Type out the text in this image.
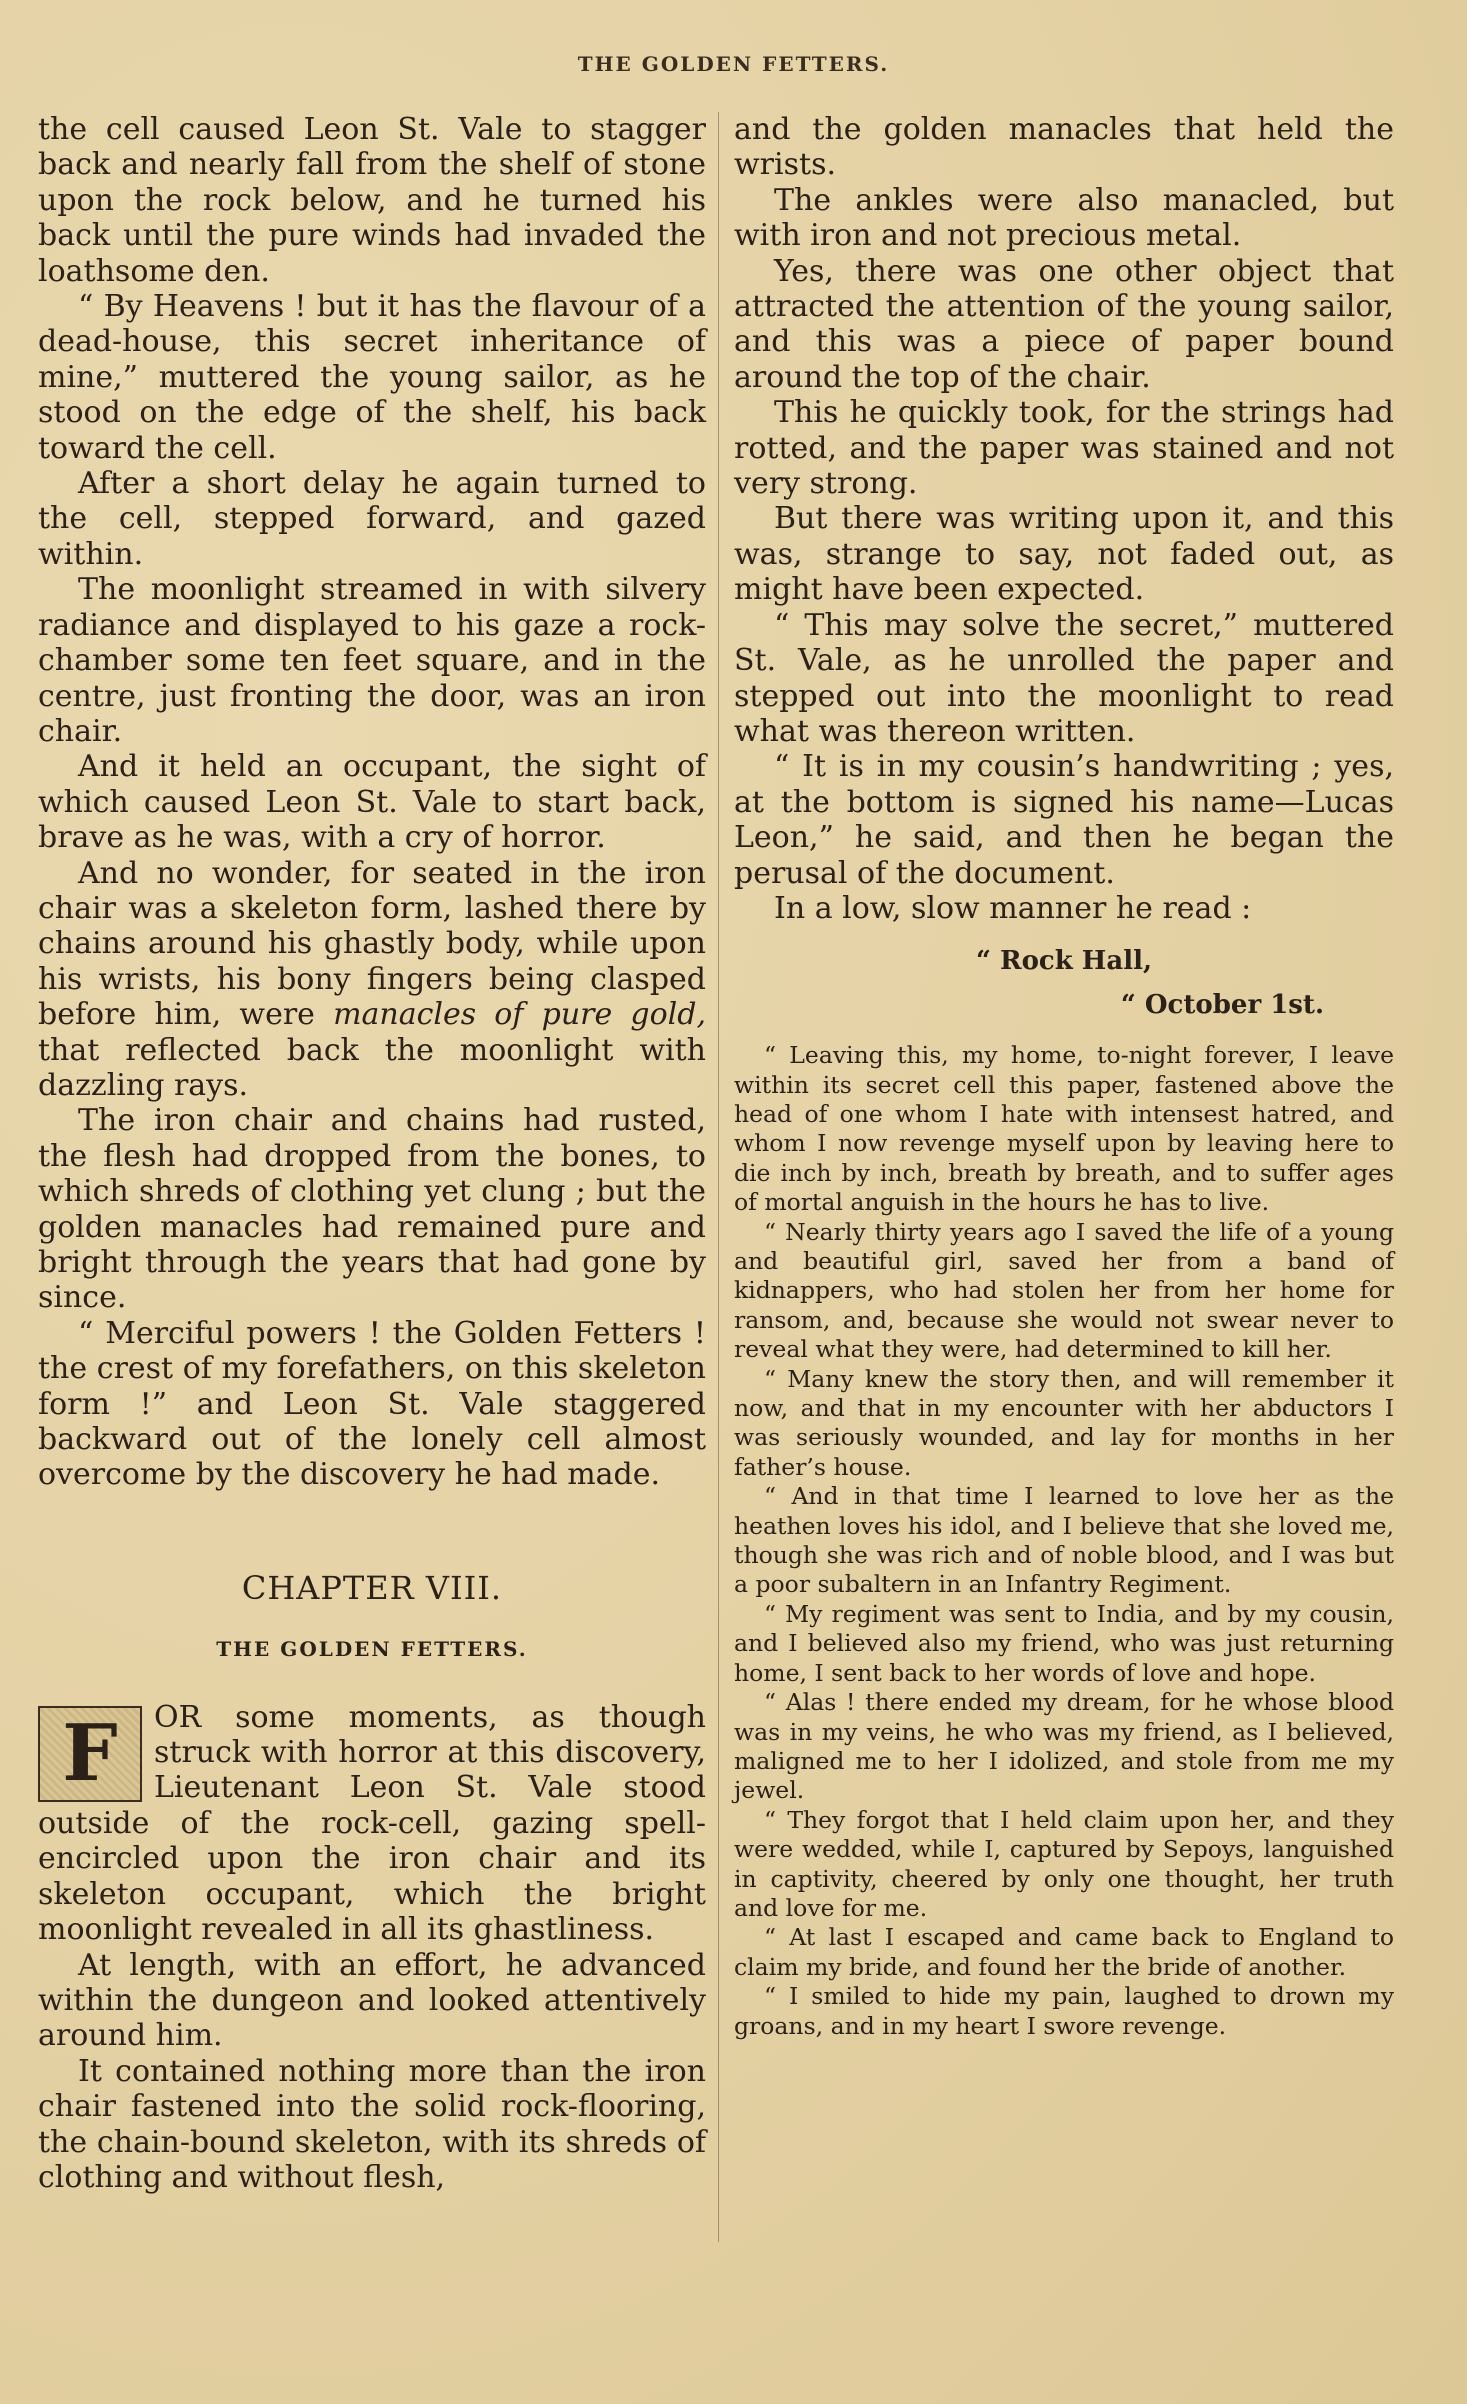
THE GOLDEN FETTERS.

the cell caused Leon St. Vale to stagger back and nearly fall from the shelf of stone upon the rock below, and he turned his back until the pure winds had invaded the loathsome den.

“ By Heavens ! but it has the flavour of a dead-house, this secret inheritance of mine,” muttered the young sailor, as he stood on the edge of the shelf, his back toward the cell.

After a short delay he again turned to the cell, stepped forward, and gazed within.

The moonlight streamed in with silvery radiance and displayed to his gaze a rock-chamber some ten feet square, and in the centre, just fronting the door, was an iron chair.

And it held an occupant, the sight of which caused Leon St. Vale to start back, brave as he was, with a cry of horror.

And no wonder, for seated in the iron chair was a skeleton form, lashed there by chains around his ghastly body, while upon his wrists, his bony fingers being clasped before him, were manacles of pure gold, that reflected back the moonlight with dazzling rays.

The iron chair and chains had rusted, the flesh had dropped from the bones, to which shreds of clothing yet clung ; but the golden manacles had remained pure and bright through the years that had gone by since.

“ Merciful powers ! the Golden Fetters ! the crest of my forefathers, on this skeleton form !” and Leon St. Vale staggered backward out of the lonely cell almost overcome by the discovery he had made.

CHAPTER VIII.
THE GOLDEN FETTERS.

F	OR some moments, as though struck with horror at this discovery, Lieutenant Leon St. Vale stood outside of the rock-cell, gazing spell-encircled upon the iron chair and its skeleton occupant, which the bright moonlight revealed in all its ghastliness.

At length, with an effort, he advanced within the dungeon and looked attentively around him.

It contained nothing more than the iron chair fastened into the solid rock-flooring, the chain-bound skeleton, with its shreds of clothing and without flesh,

and the golden manacles that held the wrists.

The ankles were also manacled, but with iron and not precious metal.

Yes, there was one other object that attracted the attention of the young sailor, and this was a piece of paper bound around the top of the chair.

This he quickly took, for the strings had rotted, and the paper was stained and not very strong.

But there was writing upon it, and this was, strange to say, not faded out, as might have been expected.

“ This may solve the secret,” muttered St. Vale, as he unrolled the paper and stepped out into the moonlight to read what was thereon written.

“ It is in my cousin’s handwriting ; yes, at the bottom is signed his name—Lucas Leon,” he said, and then he began the perusal of the document.

In a low, slow manner he read :

“ Rock Hall,
“ October 1st.

“ Leaving this, my home, to-night forever, I leave within its secret cell this paper, fastened above the head of one whom I hate with intensest hatred, and whom I now revenge myself upon by leaving here to die inch by inch, breath by breath, and to suffer ages of mortal anguish in the hours he has to live.

“ Nearly thirty years ago I saved the life of a young and beautiful girl, saved her from a band of kidnappers, who had stolen her from her home for ransom, and, because she would not swear never to reveal what they were, had determined to kill her.

“ Many knew the story then, and will remember it now, and that in my encounter with her abductors I was seriously wounded, and lay for months in her father’s house.

“ And in that time I learned to love her as the heathen loves his idol, and I believe that she loved me, though she was rich and of noble blood, and I was but a poor subaltern in an Infantry Regiment.

“ My regiment was sent to India, and by my cousin, and I believed also my friend, who was just returning home, I sent back to her words of love and hope.

“ Alas ! there ended my dream, for he whose blood was in my veins, he who was my friend, as I believed, maligned me to her I idolized, and stole from me my jewel.

“ They forgot that I held claim upon her, and they were wedded, while I, captured by Sepoys, languished in captivity, cheered by only one thought, her truth and love for me.

“ At last I escaped and came back to England to claim my bride, and found her the bride of another.

“ I smiled to hide my pain, laughed to drown my groans, and in my heart I swore revenge.
